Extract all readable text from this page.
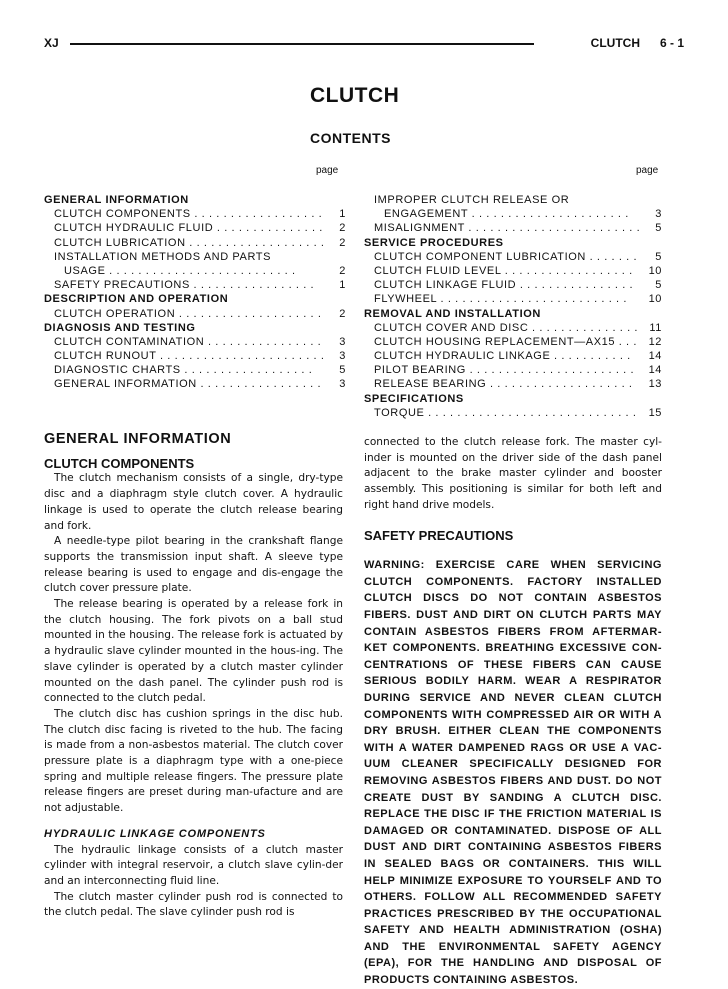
XJ	CLUTCH 6 - 1
CLUTCH
CONTENTS
page	page
GENERAL INFORMATION
CLUTCH COMPONENTS . . . . . . . . . . . . . . . . . . 1
CLUTCH HYDRAULIC FLUID . . . . . . . . . . . . . . . 2
CLUTCH LUBRICATION . . . . . . . . . . . . . . . . . . . 2
INSTALLATION METHODS AND PARTS
USAGE . . . . . . . . . . . . . . . . . . . . . . . . . .	2
SAFETY PRECAUTIONS . . . . . . . . . . . . . . . . . 1
DESCRIPTION AND OPERATION
CLUTCH OPERATION . . . . . . . . . . . . . . . . . . . . 2
DIAGNOSIS AND TESTING
CLUTCH CONTAMINATION . . . . . . . . . . . . . . . . 3
CLUTCH RUNOUT . . . . . . . . . . . . . . . . . . . . . . . 3
DIAGNOSTIC CHARTS . . . . . . . . . . . . . . . . . . 5
GENERAL INFORMATION . . . . . . . . . . . . . . . . . 3
IMPROPER CLUTCH RELEASE OR
ENGAGEMENT . . . . . . . . . . . . . . . . . . . . . . 3
MISALIGNMENT . . . . . . . . . . . . . . . . . . . . . . . . 5
SERVICE PROCEDURES
CLUTCH COMPONENT LUBRICATION . . . . . . . 5
CLUTCH FLUID LEVEL . . . . . . . . . . . . . . . . . . 10
CLUTCH LINKAGE FLUID . . . . . . . . . . . . . . . . 5
FLYWHEEL . . . . . . . . . . . . . . . . . . . . . . . . . . 10
REMOVAL AND INSTALLATION
CLUTCH COVER AND DISC . . . . . . . . . . . . . . . 11
CLUTCH HOUSING REPLACEMENT—AX15 . . . 12
CLUTCH HYDRAULIC LINKAGE . . . . . . . . . . . 14
PILOT BEARING . . . . . . . . . . . . . . . . . . . . . . . 14
RELEASE BEARING . . . . . . . . . . . . . . . . . . . . 13
SPECIFICATIONS
TORQUE . . . . . . . . . . . . . . . . . . . . . . . . . . . . . 15
GENERAL INFORMATION
CLUTCH COMPONENTS

The clutch mechanism consists of a single, dry-type disc and a diaphragm style clutch cover. A hydraulic linkage is used to operate the clutch release bearing and fork.

A needle-type pilot bearing in the crankshaft flange supports the transmission input shaft. A sleeve type release bearing is used to engage and dis-engage the clutch cover pressure plate.

The release bearing is operated by a release fork in the clutch housing. The fork pivots on a ball stud mounted in the housing. The release fork is actuated by a hydraulic slave cylinder mounted in the hous-ing. The slave cylinder is operated by a clutch master cylinder mounted on the dash panel. The cylinder push rod is connected to the clutch pedal.

The clutch disc has cushion springs in the disc hub. The clutch disc facing is riveted to the hub. The facing is made from a non-asbestos material. The clutch cover pressure plate is a diaphragm type with a one-piece spring and multiple release fingers. The pressure plate release fingers are preset during man-ufacture and are not adjustable.

HYDRAULIC LINKAGE COMPONENTS

The hydraulic linkage consists of a clutch master cylinder with integral reservoir, a clutch slave cylin-der and an interconnecting fluid line.

The clutch master cylinder push rod is connected to the clutch pedal. The slave cylinder push rod is

connected to the clutch release fork. The master cyl-inder is mounted on the driver side of the dash panel adjacent to the brake master cylinder and booster assembly. This positioning is similar for both left and right hand drive models.

SAFETY PRECAUTIONS
WARNING: EXERCISE CARE WHEN SERVICING CLUTCH COMPONENTS. FACTORY INSTALLED CLUTCH DISCS DO NOT CONTAIN ASBESTOS FIBERS. DUST AND DIRT ON CLUTCH PARTS MAY CONTAIN ASBESTOS FIBERS FROM AFTERMAR-KET COMPONENTS. BREATHING EXCESSIVE CON-CENTRATIONS OF THESE FIBERS CAN CAUSE SERIOUS BODILY HARM. WEAR A RESPIRATOR DURING SERVICE AND NEVER CLEAN CLUTCH COMPONENTS WITH COMPRESSED AIR OR WITH A DRY BRUSH. EITHER CLEAN THE COMPONENTS WITH A WATER DAMPENED RAGS OR USE A VAC-UUM CLEANER SPECIFICALLY DESIGNED FOR REMOVING ASBESTOS FIBERS AND DUST. DO NOT CREATE DUST BY SANDING A CLUTCH DISC. REPLACE THE DISC IF THE FRICTION MATERIAL IS DAMAGED OR CONTAMINATED. DISPOSE OF ALL DUST AND DIRT CONTAINING ASBESTOS FIBERS IN SEALED BAGS OR CONTAINERS. THIS WILL HELP MINIMIZE EXPOSURE TO YOURSELF AND TO OTHERS. FOLLOW ALL RECOMMENDED SAFETY PRACTICES PRESCRIBED BY THE OCCUPATIONAL SAFETY AND HEALTH ADMINISTRATION (OSHA) AND THE ENVIRONMENTAL SAFETY AGENCY (EPA), FOR THE HANDLING AND DISPOSAL OF PRODUCTS CONTAINING ASBESTOS.
